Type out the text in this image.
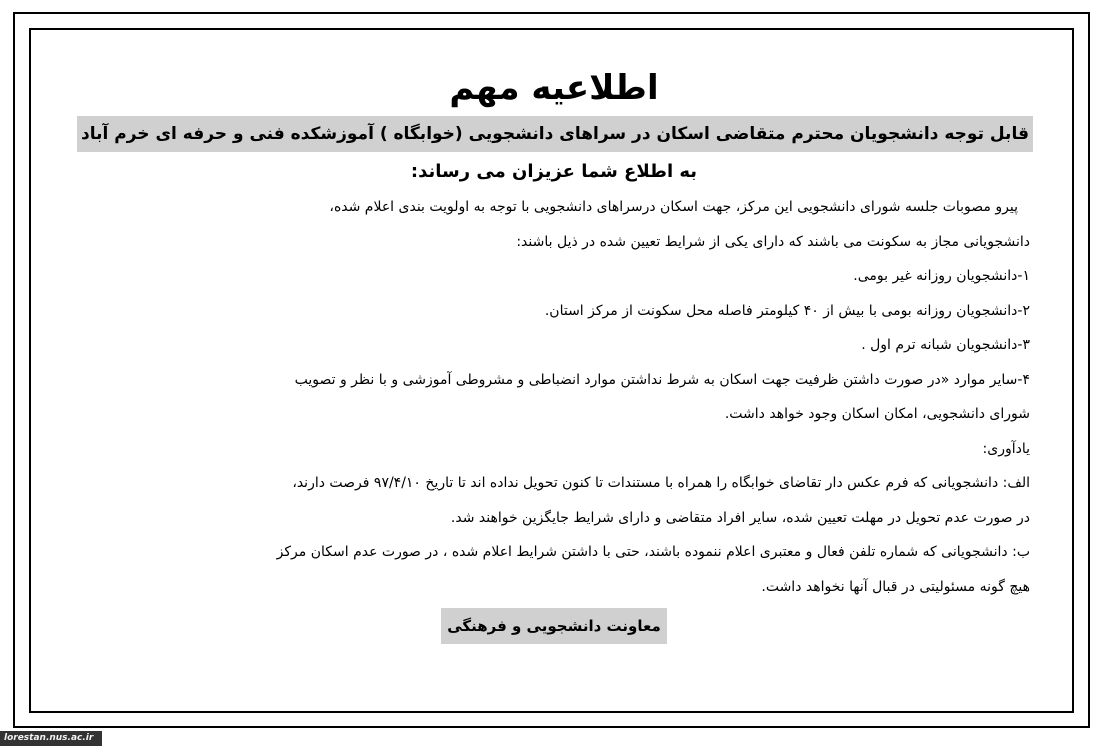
اطلاعیه مهم
قابل توجه دانشجویان محترم متقاضی اسکان در سراهای دانشجویی (خوابگاه ) آموزشکده فنی و حرفه ای خرم آباد
به اطلاع شما عزیزان می رساند:

پیرو مصوبات جلسه شورای دانشجویی این مرکز، جهت اسکان درسراهای دانشجویی با توجه به اولویت بندی اعلام شده،

دانشجویانی مجاز به سکونت می باشند که دارای یکی از شرایط تعیین شده در ذیل باشند:

۱-دانشجویان روزانه غیر بومی.

۲-دانشجویان روزانه بومی با بیش از ۴۰ کیلومتر فاصله محل سکونت از مرکز استان.

۳-دانشجویان شبانه ترم اول .

۴-سایر موارد «در صورت داشتن ظرفیت جهت اسکان به شرط نداشتن موارد انضباطی و مشروطی آموزشی و با نظر و تصویب

شورای دانشجویی، امکان اسکان وجود خواهد داشت.

یادآوری:

الف: دانشجویانی که فرم عکس دار تقاضای خوابگاه را همراه با مستندات تا کنون تحویل نداده اند تا تاریخ ۹۷/۴/۱۰ فرصت دارند،

در صورت عدم تحویل در مهلت تعیین شده، سایر افراد متقاضی و دارای شرایط جایگزین خواهند شد.

ب: دانشجویانی که شماره تلفن فعال و معتبری اعلام ننموده باشند، حتی با داشتن شرایط اعلام شده ، در صورت عدم اسکان مرکز

هیچ گونه مسئولیتی در قبال آنها نخواهد داشت.

معاونت دانشجویی و فرهنگی
lorestan.nus.ac.ir
